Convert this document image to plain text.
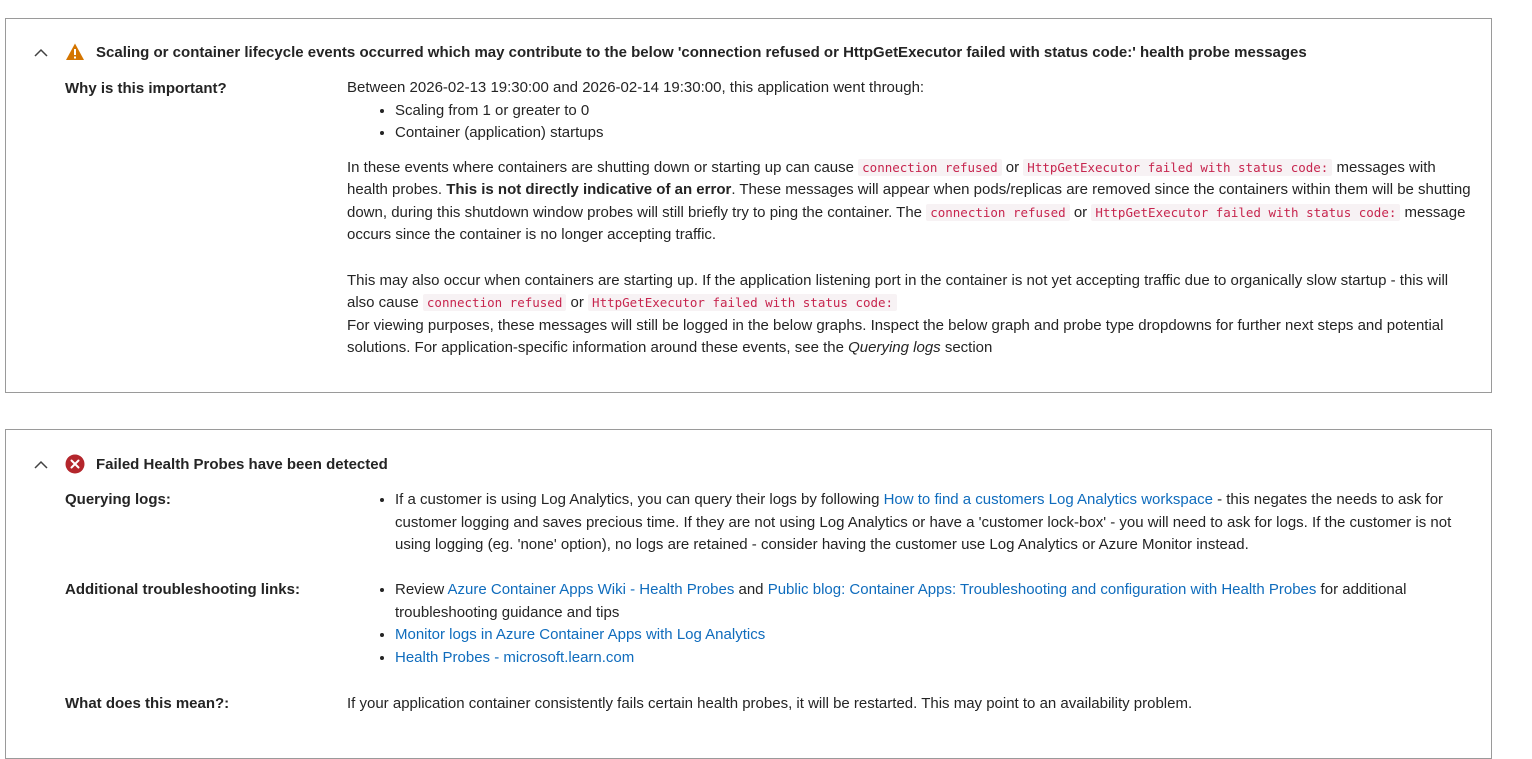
Scaling or container lifecycle events occurred which may contribute to the below 'connection refused or HttpGetExecutor failed with status code:' health probe messages
Why is this important?	Between 2026-02-13 19:30:00 and 2026-02-14 19:30:00, this application went through:

• Scaling from 1 or greater to 0
• Container (application) startups

In these events where containers are shutting down or starting up can cause connection refused or HttpGetExecutor failed with status code: messages with health probes. This is not directly indicative of an error. These messages will appear when pods/replicas are removed since the containers within them will be shutting down, during this shutdown window probes will still briefly try to ping the container. The connection refused or HttpGetExecutor failed with status code: message occurs since the container is no longer accepting traffic.

This may also occur when containers are starting up. If the application listening port in the container is not yet accepting traffic due to organically slow startup - this will also cause connection refused or HttpGetExecutor failed with status code:

For viewing purposes, these messages will still be logged in the below graphs. Inspect the below graph and probe type dropdowns for further next steps and potential solutions. For application-specific information around these events, see the Querying logs section

Failed Health Probes have been detected
Querying logs:	• If a customer is using Log Analytics, you can query their logs by following How to find a customers Log Analytics workspace - this negates the needs to ask for customer logging and saves precious time. If they are not using Log Analytics or have a 'customer lock-box' - you will need to ask for logs. If the customer is not using logging (eg. 'none' option), no logs are retained - consider having the customer use Log Analytics or Azure Monitor instead.
Additional troubleshooting links:	• Review Azure Container Apps Wiki - Health Probes and Public blog: Container Apps: Troubleshooting and configuration with Health Probes for additional troubleshooting guidance and tips
• Monitor logs in Azure Container Apps with Log Analytics
• Health Probes - microsoft.learn.com
What does this mean?:	If your application container consistently fails certain health probes, it will be restarted. This may point to an availability problem.
